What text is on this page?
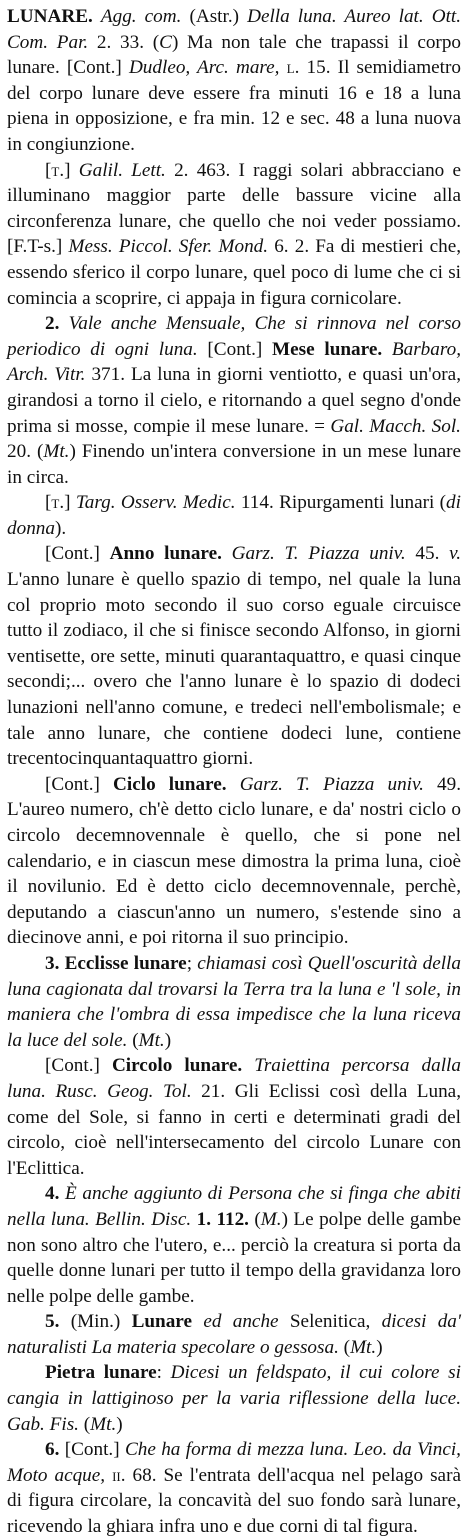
LUNARE. Agg. com. (Astr.) Della luna. Aureo lat. Ott. Com. Par. 2. 33. (C) Ma non tale che trapassi il corpo lunare. [Cont.] Dudleo, Arc. mare, l. 15. Il semidiametro del corpo lunare deve essere fra minuti 16 e 18 a luna piena in opposizione, e fra min. 12 e sec. 48 a luna nuova in congiunzione.

[t.] Galil. Lett. 2. 463. I raggi solari abbracciano e illuminano maggior parte delle bassure vicine alla circonferenza lunare, che quello che noi veder possiamo. [F.T-s.] Mess. Piccol. Sfer. Mond. 6. 2. Fa di mestieri che, essendo sferico il corpo lunare, quel poco di lume che ci si comincia a scoprire, ci appaja in figura cornicolare.

2. Vale anche Mensuale, Che si rinnova nel corso periodico di ogni luna. [Cont.] Mese lunare. Barbaro, Arch. Vitr. 371. La luna in giorni ventiotto, e quasi un'ora, girandosi a torno il cielo, e ritornando a quel segno d'onde prima si mosse, compie il mese lunare. = Gal. Macch. Sol. 20. (Mt.) Finendo un'intera conversione in un mese lunare in circa.

[t.] Targ. Osserv. Medic. 114. Ripurgamenti lunari (di donna).

[Cont.] Anno lunare. Garz. T. Piazza univ. 45. v. L'anno lunare è quello spazio di tempo, nel quale la luna col proprio moto secondo il suo corso eguale circuisce tutto il zodiaco, il che si finisce secondo Alfonso, in giorni ventisette, ore sette, minuti quarantaquattro, e quasi cinque secondi;... overo che l'anno lunare è lo spazio di dodeci lunazioni nell'anno comune, e tredeci nell'embolismale; e tale anno lunare, che contiene dodeci lune, contiene trecentocinquantaquattro giorni.

[Cont.] Ciclo lunare. Garz. T. Piazza univ. 49. L'aureo numero, ch'è detto ciclo lunare, e da' nostri ciclo o circolo decemnovennale è quello, che si pone nel calendario, e in ciascun mese dimostra la prima luna, cioè il novilunio. Ed è detto ciclo decemnovennale, perchè, deputando a ciascun'anno un numero, s'estende sino a diecinove anni, e poi ritorna il suo principio.

3. Ecclisse lunare; chiamasi così Quell'oscurità della luna cagionata dal trovarsi la Terra tra la luna e 'l sole, in maniera che l'ombra di essa impedisce che la luna riceva la luce del sole. (Mt.)

[Cont.] Circolo lunare. Traiettina percorsa dalla luna. Rusc. Geog. Tol. 21. Gli Eclissi così della Luna, come del Sole, si fanno in certi e determinati gradi del circolo, cioè nell'intersecamento del circolo Lunare con l'Eclittica.

4. È anche aggiunto di Persona che si finga che abiti nella luna. Bellin. Disc. 1. 112. (M.) Le polpe delle gambe non sono altro che l'utero, e... perciò la creatura si porta da quelle donne lunari per tutto il tempo della gravidanza loro nelle polpe delle gambe.

5. (Min.) Lunare ed anche Selenitica, dicesi da' naturalisti La materia specolare o gessosa. (Mt.)

Pietra lunare: Dicesi un feldspato, il cui colore si cangia in lattiginoso per la varia riflessione della luce. Gab. Fis. (Mt.)

6. [Cont.] Che ha forma di mezza luna. Leo. da Vinci, Moto acque, ii. 68. Se l'entrata dell'acqua nel pelago sarà di figura circolare, la concavità del suo fondo sarà lunare, ricevendo la ghiara infra uno e due corni di tal figura.
